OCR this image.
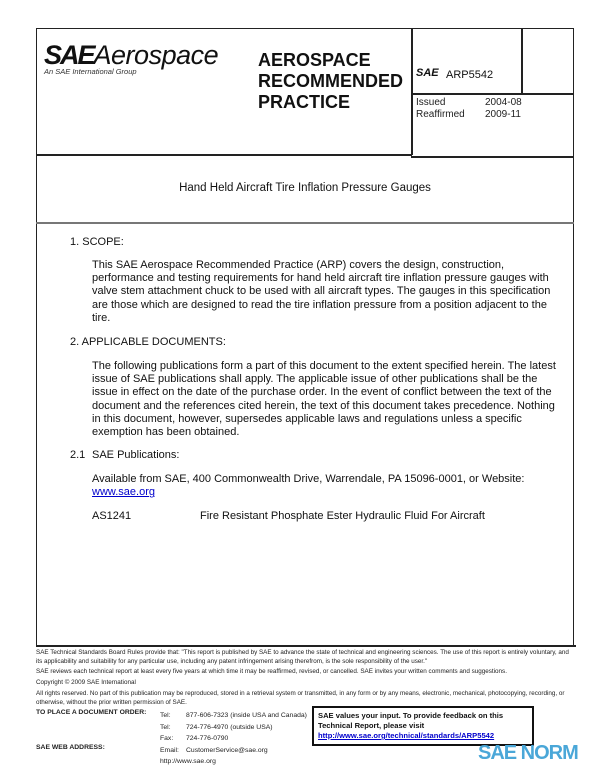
SAEAerospace
An SAE International Group
AEROSPACE
RECOMMENDED
PRACTICE
SAE ARP5542
Issued	2004-08
Reaffirmed 2009-11
Hand Held Aircraft Tire Inflation Pressure Gauges
1. SCOPE:
This SAE Aerospace Recommended Practice (ARP) covers the design, construction, performance and testing requirements for hand held aircraft tire inflation pressure gauges with valve stem attachment chuck to be used with all aircraft types. The gauges in this specification are those which are designed to read the tire inflation pressure from a position adjacent to the tire.
2. APPLICABLE DOCUMENTS:
The following publications form a part of this document to the extent specified herein. The latest issue of SAE publications shall apply. The applicable issue of other publications shall be the issue in effect on the date of the purchase order. In the event of conflict between the text of the document and the references cited herein, the text of this document takes precedence. Nothing in this document, however, supersedes applicable laws and regulations unless a specific exemption has been obtained.
2.1 SAE Publications:
Available from SAE, 400 Commonwealth Drive, Warrendale, PA 15096-0001, or Website:
www.sae.org
AS1241	Fire Resistant Phosphate Ester Hydraulic Fluid For Aircraft
SAE Technical Standards Board Rules provide that: "This report is published by SAE to advance the state of technical and engineering sciences. The use of this report is entirely voluntary, and its applicability and suitability for any particular use, including any patent infringement arising therefrom, is the sole responsibility of the user."
SAE reviews each technical report at least every five years at which time it may be reaffirmed, revised, or cancelled. SAE invites your written comments and suggestions.
Copyright © 2009 SAE International
All rights reserved. No part of this publication may be reproduced, stored in a retrieval system or transmitted, in any form or by any means, electronic, mechanical, photocopying, recording, or otherwise, without the prior written permission of SAE.
TO PLACE A DOCUMENT ORDER: Tel: 877-606-7323 (inside USA and Canada)
Tel: 724-776-4970 (outside USA)
Fax: 724-776-0790
Email: CustomerService@sae.org
http://www.sae.org
SAE WEB ADDRESS:
SAE values your input. To provide feedback on this Technical Report, please visit
http://www.sae.org/technical/standards/ARP5542
SAE NORM
